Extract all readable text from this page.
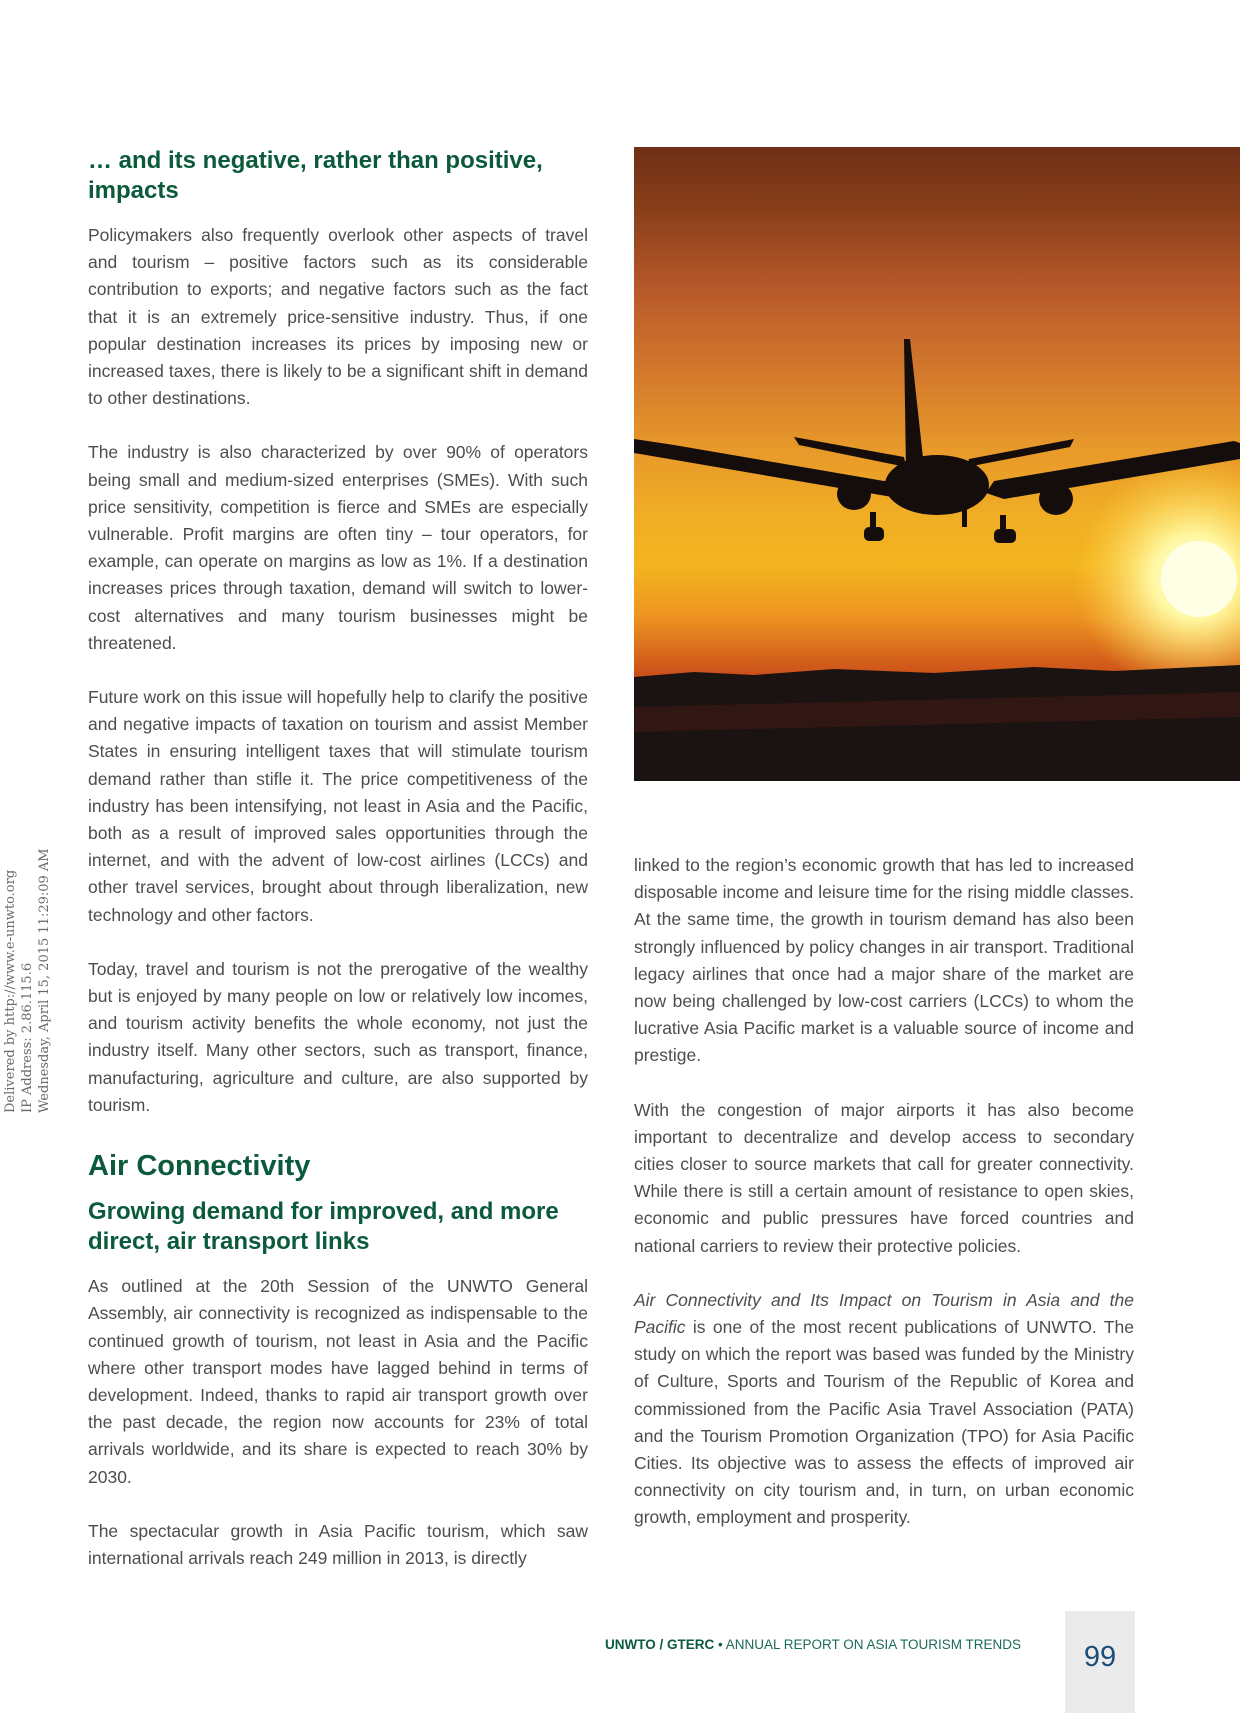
… and its negative, rather than positive, impacts

Policymakers also frequently overlook other aspects of travel and tourism – positive factors such as its considerable contribution to exports; and negative factors such as the fact that it is an extremely price-sensitive industry. Thus, if one popular destination increases its prices by imposing new or increased taxes, there is likely to be a significant shift in demand to other destinations.

The industry is also characterized by over 90% of operators being small and medium-sized enterprises (SMEs). With such price sensitivity, competition is fierce and SMEs are especially vulnerable. Profit margins are often tiny – tour operators, for example, can operate on margins as low as 1%. If a destination increases prices through taxation, demand will switch to lower-cost alternatives and many tourism businesses might be threatened.

Future work on this issue will hopefully help to clarify the positive and negative impacts of taxation on tourism and assist Member States in ensuring intelligent taxes that will stimulate tourism demand rather than stifle it. The price competitiveness of the industry has been intensifying, not least in Asia and the Pacific, both as a result of improved sales opportunities through the internet, and with the advent of low-cost airlines (LCCs) and other travel services, brought about through liberalization, new technology and other factors.

Today, travel and tourism is not the prerogative of the wealthy but is enjoyed by many people on low or relatively low incomes, and tourism activity benefits the whole economy, not just the industry itself. Many other sectors, such as transport, finance, manufacturing, agriculture and culture, are also supported by tourism.

Air Connectivity
Growing demand for improved, and more direct, air transport links

As outlined at the 20th Session of the UNWTO General Assembly, air connectivity is recognized as indispensable to the continued growth of tourism, not least in Asia and the Pacific where other transport modes have lagged behind in terms of development. Indeed, thanks to rapid air transport growth over the past decade, the region now accounts for 23% of total arrivals worldwide, and its share is expected to reach 30% by 2030.

The spectacular growth in Asia Pacific tourism, which saw international arrivals reach 249 million in 2013, is directly

linked to the region’s economic growth that has led to increased disposable income and leisure time for the rising middle classes. At the same time, the growth in tourism demand has also been strongly influenced by policy changes in air transport. Traditional legacy airlines that once had a major share of the market are now being challenged by low-cost carriers (LCCs) to whom the lucrative Asia Pacific market is a valuable source of income and prestige.

With the congestion of major airports it has also become important to decentralize and develop access to secondary cities closer to source markets that call for greater connectivity. While there is still a certain amount of resistance to open skies, economic and public pressures have forced countries and national carriers to review their protective policies.

Air Connectivity and Its Impact on Tourism in Asia and the Pacific is one of the most recent publications of UNWTO. The study on which the report was based was funded by the Ministry of Culture, Sports and Tourism of the Republic of Korea and commissioned from the Pacific Asia Travel Association (PATA) and the Tourism Promotion Organization (TPO) for Asia Pacific Cities. Its objective was to assess the effects of improved air connectivity on city tourism and, in turn, on urban economic growth, employment and prosperity.

Delivered by http://www.e-unwto.org IP Address: 2.86.115.6 Wednesday, April 15, 2015 11:29:09 AM
UNWTO / GTERC • ANNUAL REPORT ON ASIA TOURISM TRENDS	99
